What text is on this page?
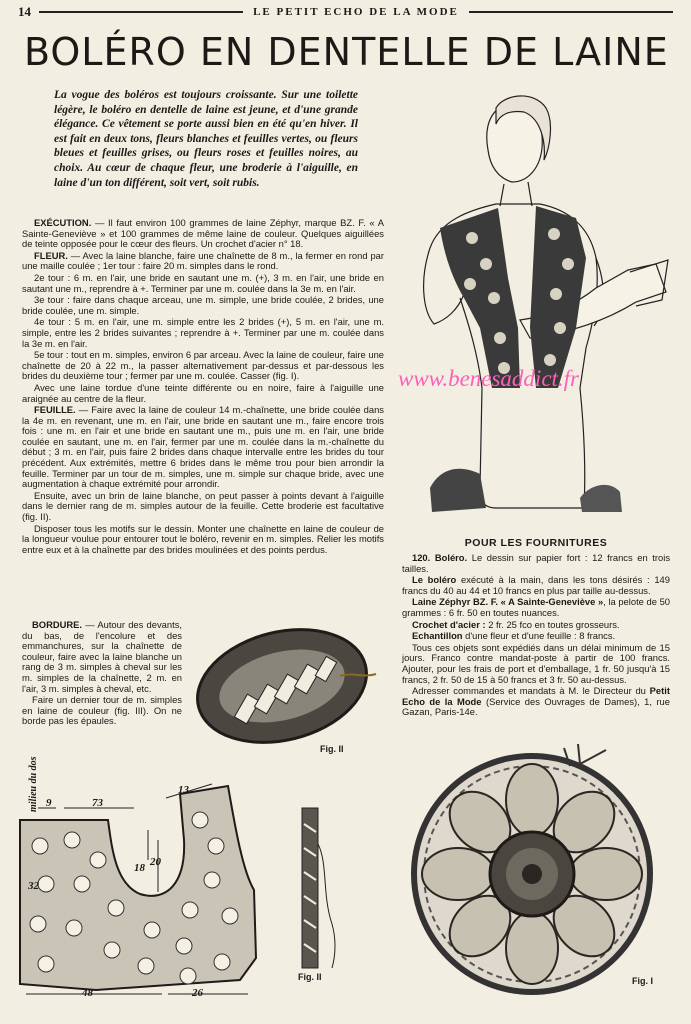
14	LE PETIT ECHO DE LA MODE
BOLÉRO EN DENTELLE DE LAINE
La vogue des boléros est toujours croissante. Sur une toilette légère, le boléro en dentelle de laine est jeune, et d'une grande élégance. Ce vêtement se porte aussi bien en été qu'en hiver. Il est fait en deux tons, fleurs blanches et feuilles vertes, ou fleurs bleues et feuilles grises, ou fleurs roses et feuilles noires, au choix. Au cœur de chaque fleur, une broderie à l'aiguille, en laine d'un ton différent, soit vert, soit rubis.

EXÉCUTION. — Il faut environ 100 grammes de laine Zéphyr, marque BZ. F. « A Sainte-Geneviève » et 100 grammes de même laine de couleur. Quelques aiguillées de teinte opposée pour le cœur des fleurs. Un crochet d'acier n° 18.

FLEUR. — Avec la laine blanche, faire une chaînette de 8 m., la fermer en rond par une maille coulée ; 1er tour : faire 20 m. simples dans le rond.

2e tour : 6 m. en l'air, une bride en sautant une m. (+), 3 m. en l'air, une bride en sautant une m., reprendre à +. Terminer par une m. coulée dans la 3e m. en l'air.

3e tour : faire dans chaque arceau, une m. simple, une bride coulée, 2 brides, une bride coulée, une m. simple.

4e tour : 5 m. en l'air, une m. simple entre les 2 brides (+), 5 m. en l'air, une m. simple, entre les 2 brides suivantes ; reprendre à +. Terminer par une m. coulée dans la 3e m. en l'air.

5e tour : tout en m. simples, environ 6 par arceau. Avec la laine de couleur, faire une chaînette de 20 à 22 m., la passer alternativement par-dessus et par-dessous les brides du deuxième tour ; fermer par une m. coulée. Casser (fig. I).

Avec une laine tordue d'une teinte différente ou en noire, faire à l'aiguille une araignée au centre de la fleur.

FEUILLE. — Faire avec la laine de couleur 14 m.-chaînette, une bride coulée dans la 4e m. en revenant, une m. en l'air, une bride en sautant une m., faire encore trois fois : une m. en l'air et une bride en sautant une m., puis une m. en l'air, une bride coulée en sautant, une m. en l'air, fermer par une m. coulée dans la m.-chaînette du début ; 3 m. en l'air, puis faire 2 brides dans chaque intervalle entre les brides du tour précédent. Aux extrémités, mettre 6 brides dans le même trou pour bien arrondir la feuille. Terminer par un tour de m. simples, une m. simple sur chaque bride, avec une augmentation à chaque extrémité pour arrondir.

Ensuite, avec un brin de laine blanche, on peut passer à points devant à l'aiguille dans le dernier rang de m. simples autour de la feuille. Cette broderie est facultative (fig. II).

Disposer tous les motifs sur le dessin. Monter une chaînette en laine de couleur de la longueur voulue pour entourer tout le boléro, revenir en m. simples. Relier les motifs entre eux et à la chaînette par des brides moulinées et des points perdus.

BORDURE. — Autour des devants, du bas, de l'encolure et des emmanchures, sur la chaînette de couleur, faire avec la laine blanche un rang de 3 m. simples à cheval sur les m. simples de la chaînette, 2 m. en l'air, 3 m. simples à cheval, etc.

Faire un dernier tour de m. simples en laine de couleur (fig. III). On ne borde pas les épaules.

POUR LES FOURNITURES

120. Boléro. Le dessin sur papier fort : 12 francs en trois tailles.

Le boléro exécuté à la main, dans les tons désirés : 149 francs du 40 au 44 et 10 francs en plus par taille au-dessus.

Laine Zéphyr BZ. F. « A Sainte-Geneviève », la pelote de 50 grammes : 6 fr. 50 en toutes nuances.

Crochet d'acier : 2 fr. 25 fco en toutes grosseurs.

Echantillon d'une fleur et d'une feuille : 8 francs.

Tous ces objets sont expédiés dans un délai minimum de 15 jours. Franco contre mandat-poste à partir de 100 francs. Ajouter, pour les frais de port et d'emballage, 1 fr. 50 jusqu'à 15 francs, 2 fr. 50 de 15 à 50 francs et 3 fr. 50 au-dessus.

Adresser commandes et mandats à M. le Directeur du Petit Echo de la Mode (Service des Ouvrages de Dames), 1, rue Gazan, Paris-14e.

www.benesaddict.fr
Fig. II
milieu du dos 9	73
13
18 20
32
48	26
Fig. II	Fig. I
